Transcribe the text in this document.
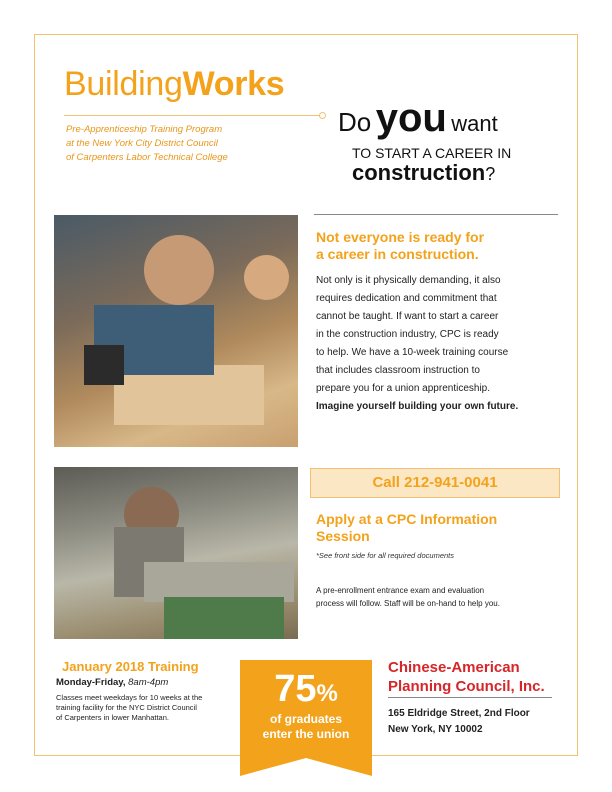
BuildingWorks
Pre-Apprenticeship Training Program
at the New York City District Council
of Carpenters Labor Technical College
Do you want
TO START A CAREER IN
construction?
Not everyone is ready for
a career in construction.
Not only is it physically demanding, it also
requires dedication and commitment that
cannot be taught. If want to start a career
in the construction industry, CPC is ready
to help. We have a 10-week training course
that includes classroom instruction to
prepare you for a union apprenticeship.
Imagine yourself building your own future.
Call 212-941-0041
Apply at a CPC Information
Session
*See front side for all required documents
A pre-enrollment entrance exam and evaluation
process will follow. Staff will be on-hand to help you.
January 2018 Training
Monday-Friday, 8am-4pm
Classes meet weekdays for 10 weeks at the
training facility for the NYC District Council
of Carpenters in lower Manhattan.
75%
of graduates
enter the union
Chinese-American
Planning Council, Inc.
165 Eldridge Street, 2nd Floor
New York, NY 10002
